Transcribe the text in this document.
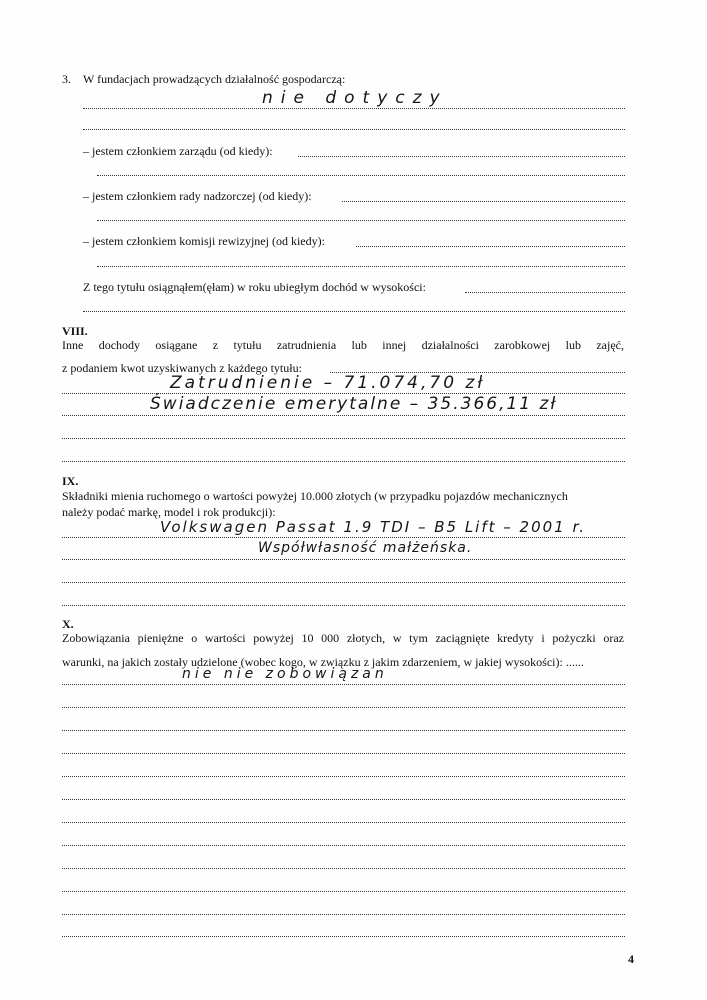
3. W fundacjach prowadzących działalność gospodarczą:
nie dotyczy
– jestem członkiem zarządu (od kiedy):
– jestem członkiem rady nadzorczej (od kiedy):
– jestem członkiem komisji rewizyjnej (od kiedy):
Z tego tytułu osiągnąłem(ęłam) w roku ubiegłym dochód w wysokości:
VIII.
Inne dochody osiągane z tytułu zatrudnienia lub innej działalności zarobkowej lub zajęć,
z podaniem kwot uzyskiwanych z każdego tytułu:
Zatrudnienie – 71.074,70 zł
Świadczenie emerytalne – 35.366,11 zł
IX.
Składniki mienia ruchomego o wartości powyżej 10.000 złotych (w przypadku pojazdów mechanicznych
należy podać markę, model i rok produkcji):
Volkswagen Passat 1.9 TDI – B5 Lift – 2001 r.
Współwłasność małżeńska.
X.
Zobowiązania pieniężne o wartości powyżej 10 000 złotych, w tym zaciągnięte kredyty i pożyczki oraz
warunki, na jakich zostały udzielone (wobec kogo, w związku z jakim zdarzeniem, w jakiej wysokości): ......
nie nie zobowiązan
4
